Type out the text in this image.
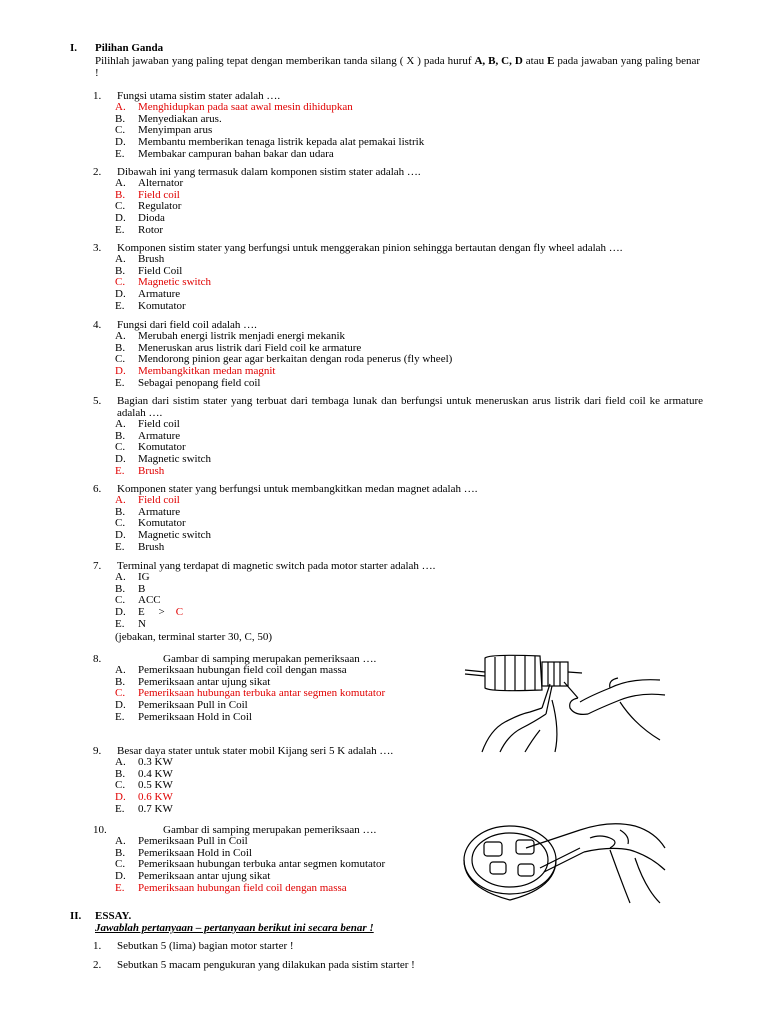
I. Pilihan Ganda
Pilihlah jawaban yang paling tepat dengan memberikan tanda silang ( X ) pada huruf A, B, C, D atau E pada jawaban yang paling benar !
1.	Fungsi utama sistim stater adalah ….
A.	Menghidupkan pada saat awal mesin dihidupkan
B.	Menyediakan arus.
C.	Menyimpan arus
D.	Membantu memberikan tenaga listrik kepada alat pemakai listrik
E.	Membakar campuran bahan bakar dan udara
2.	Dibawah ini yang termasuk dalam komponen sistim stater adalah ….
A.	Alternator
B.	Field coil
C.	Regulator
D.	Dioda
E.	Rotor
3.	Komponen sistim stater yang berfungsi untuk menggerakan pinion sehingga bertautan dengan fly wheel adalah ….
A.	Brush
B.	Field Coil
C.	Magnetic switch
D.	Armature
E.	Komutator
4.	Fungsi dari field coil adalah ….
A.	Merubah energi listrik menjadi energi mekanik
B.	Meneruskan arus listrik dari Field coil ke armature
C.	Mendorong pinion gear agar berkaitan dengan roda penerus (fly wheel)
D.	Membangkitkan medan magnit
E.	Sebagai penopang field coil
5.	Bagian dari sistim stater yang terbuat dari tembaga lunak dan berfungsi untuk meneruskan arus listrik dari field coil ke armature adalah ….
A.	Field coil
B.	Armature
C.	Komutator
D.	Magnetic switch
E.	Brush
6.	Komponen stater yang berfungsi untuk membangkitkan medan magnet adalah ….
A.	Field coil
B.	Armature
C.	Komutator
D.	Magnetic switch
E.	Brush
7.	Terminal yang terdapat di magnetic switch pada motor starter adalah ….
A.	IG
B.	B
C.	ACC
D.	E     > C
E.	N
(jebakan, terminal starter 30, C, 50)
8.	Gambar di samping merupakan pemeriksaan ….
A.	Pemeriksaan hubungan field coil dengan massa
B.	Pemeriksaan antar ujung sikat
C.	Pemeriksaan hubungan terbuka antar segmen komutator
D.	Pemeriksaan Pull in Coil
E.	Pemeriksaan Hold in Coil
9.	Besar daya stater untuk stater mobil Kijang seri 5 K adalah ….
A.	0.3 KW
B.	0.4 KW
C.	0.5 KW
D.	0.6 KW
E.	0.7 KW
10.	Gambar di samping merupakan pemeriksaan ….
A.	Pemeriksaan Pull in Coil
B.	Pemeriksaan Hold in Coil
C.	Pemeriksaan hubungan terbuka antar segmen komutator
D.	Pemeriksaan antar ujung sikat
E.	Pemeriksaan hubungan field coil dengan massa
II. ESSAY.
Jawablah pertanyaan – pertanyaan berikut ini secara benar !
1.	Sebutkan 5 (lima) bagian motor starter !
2.	Sebutkan 5 macam pengukuran yang dilakukan pada sistim starter !
